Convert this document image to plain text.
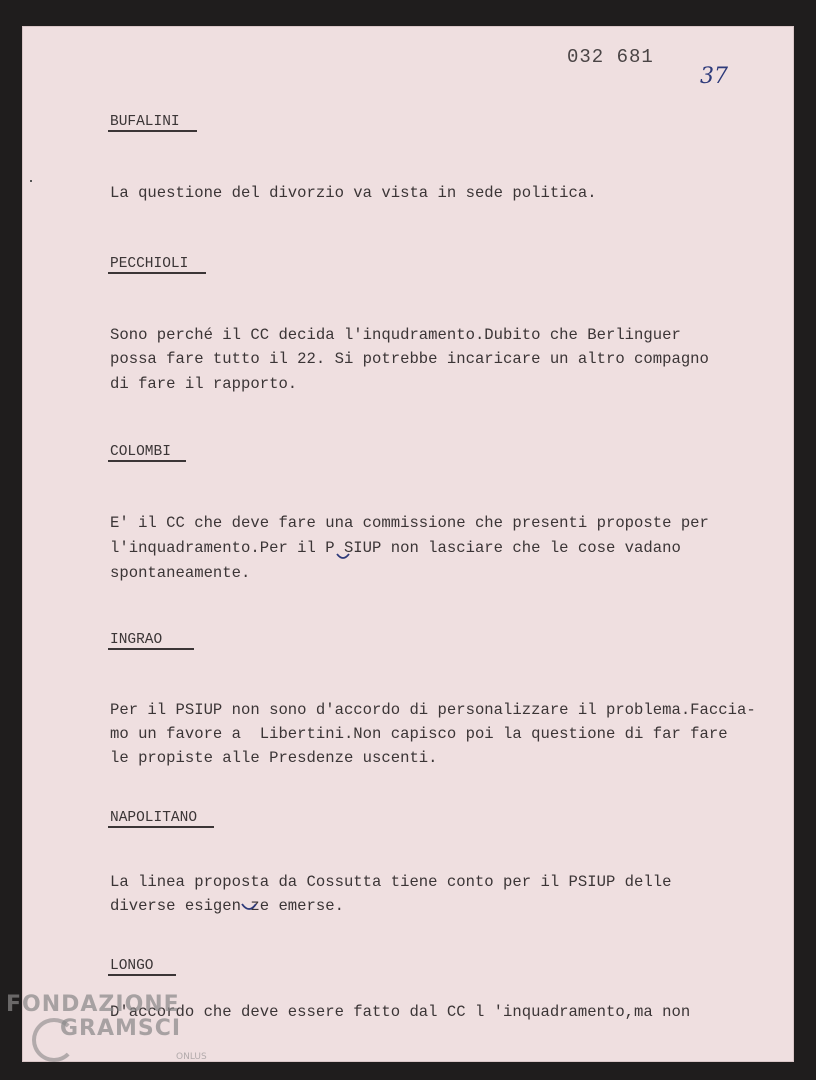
032 681
37
BUFALINI
La questione del divorzio va vista in sede politica.
PECCHIOLI
Sono perché il CC decida l'inqudramento.Dubito che Berlinguer
possa fare tutto il 22. Si potrebbe incaricare un altro compagno
di fare il rapporto.
COLOMBI
E' il CC che deve fare una commissione che presenti proposte per
l'inquadramento.Per il P SIUP non lasciare che le cose vadano
spontaneamente.
INGRAO
Per il PSIUP non sono d'accordo di personalizzare il problema.Faccia-
mo un favore a  Libertini.Non capisco poi la questione di far fare
le propiste alle Presdenze uscenti.
NAPOLITANO
La linea proposta da Cossutta tiene conto per il PSIUP delle
diverse esigen ze emerse.
LONGO
D'accordo che deve essere fatto dal CC l 'inquadramento,ma non
FONDAZIONE
GRAMSCI
ONLUS
